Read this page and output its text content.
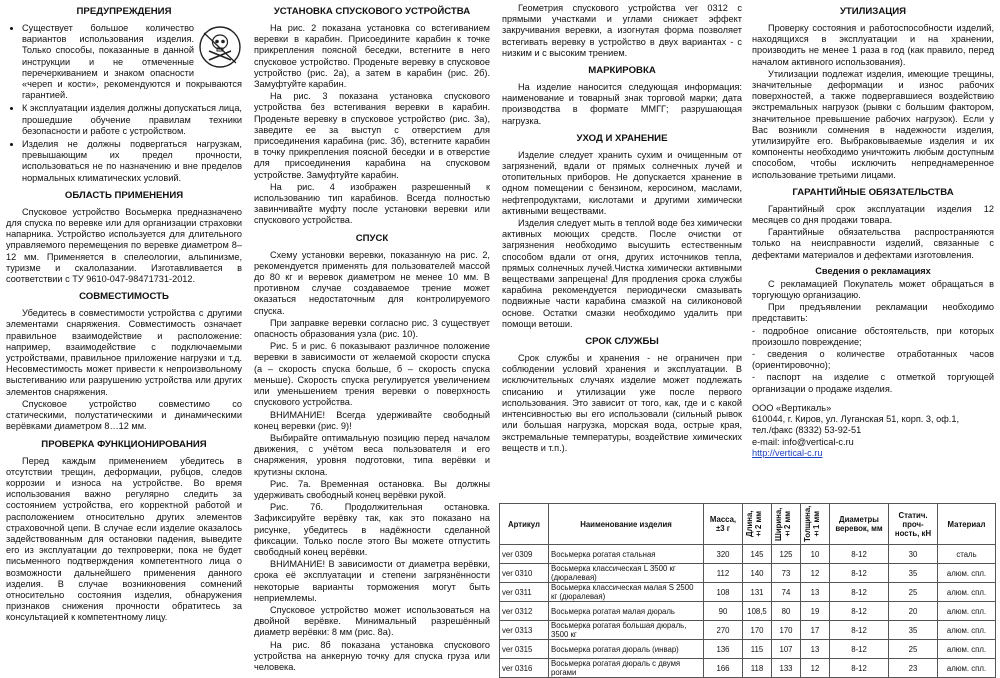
ПРЕДУПРЕЖДЕНИЯ
• Существует большое количество вариантов использования изделия. Только способы, показанные в данной инструкции и не отмеченные перечеркиванием и знаком опасности «череп и кости», рекомендуются и покрываются гарантией.
• К эксплуатации изделия должны допускаться лица, прошедшие обучение правилам техники безопасности и работе с устройством.
• Изделия не должны подвергаться нагрузкам, превышающим их предел прочности, использоваться не по назначению и вне пределов нормальных климатических условий.
ОБЛАСТЬ ПРИМЕНЕНИЯ

Спусковое устройство Восьмерка предназначено для спуска по веревке или для организации страховки напарника. Устройство используется для длительного управляемого перемещения по веревке диаметром 8–12 мм. Применяется в спелеологии, альпинизме, туризме и скалолазании. Изготавливается в соответствии с ТУ 9610-047-98471731-2012.

СОВМЕСТИМОСТЬ

Убедитесь в совместимости устройства с другими элементами снаряжения. Совместимость означает правильное взаимодействие и расположение: например, взаимодействие с подключаемыми устройствами, правильное приложение нагрузки и т.д. Несовместимость может привести к непроизвольному выстегиванию или разрушению устройства или других элементов снаряжения.

Спусковое устройство совместимо со статическими, полустатическими и динамическими верёвками диаметром 8…12 мм.

ПРОВЕРКА ФУНКЦИОНИРОВАНИЯ

Перед каждым применением убедитесь в отсутствии трещин, деформации, рубцов, следов коррозии и износа на устройстве. Во время использования важно регулярно следить за состоянием устройства, его корректной работой и расположением относительно других элементов страховочной цепи. В случае если изделие оказалось задействованным для остановки падения, выведите его из эксплуатации до техпроверки, пока не будет письменного подтверждения компетентного лица о возможности дальнейшего применения данного изделия. В случае возникновения сомнений относительно состояния изделия, обнаружения признаков снижения прочности обратитесь за консультацией к компетентному лицу.

УСТАНОВКА СПУСКОВОГО УСТРОЙСТВА

На рис. 2 показана установка со встегиванием веревки в карабин. Присоедините карабин к точке прикрепления поясной беседки, встегните в него спусковое устройство. Проденьте веревку в спусковое устройство (рис. 2а), а затем в карабин (рис. 2б). Замуфтуйте карабин.

На рис. 3 показана установка спускового устройства без встегивания веревки в карабин. Проденьте веревку в спусковое устройство (рис. 3а), заведите ее за выступ с отверстием для присоединения карабина (рис. 3б), встегните карабин в точку прикрепления поясной беседки и в отверстие для присоединения карабина на спусковом устройстве. Замуфтуйте карабин.

На рис. 4 изображен разрешенный к использованию тип карабинов. Всегда полностью завинчивайте муфту после установки веревки или спускового устройства.

СПУСК

Схему установки веревки, показанную на рис. 2, рекомендуется применять для пользователей массой до 80 кг и веревок диаметром не менее 10 мм. В противном случае создаваемое трение может оказаться недостаточным для контролируемого спуска.

При заправке веревки согласно рис. 3 существует опасность образования узла (рис. 10).

Рис. 5 и рис. 6 показывают различное положение веревки в зависимости от желаемой скорости спуска (а – скорость спуска больше, б – скорость спуска меньше). Скорость спуска регулируется увеличением или уменьшением трения веревки о поверхность спускового устройства.

ВНИМАНИЕ! Всегда удерживайте свободный конец веревки (рис. 9)!

Выбирайте оптимальную позицию перед началом движения, с учётом веса пользователя и его снаряжения, уровня подготовки, типа верёвки и крутизны склона.

Рис. 7а. Временная остановка. Вы должны удерживать свободный конец верёвки рукой.

Рис. 7б. Продолжительная остановка. Зафиксируйте верёвку так, как это показано на рисунке, убедитесь в надёжности сделанной фиксации. Только после этого Вы можете отпустить свободный конец верёвки.

ВНИМАНИЕ! В зависимости от диаметра верёвки, срока её эксплуатации и степени загрязнённости некоторые варианты торможения могут быть неприемлемы.

Спусковое устройство может использоваться на двойной верёвке. Минимальный разрешённый диаметр верёвки: 8 мм (рис. 8а).

На рис. 8б показана установка спускового устройства на анкерную точку для спуска груза или человека.

Геометрия спускового устройства ver 0312 с прямыми участками и углами снижает эффект закручивания веревки, а изогнутая форма позволяет встегивать веревку в устройство в двух вариантах - с низким и с высоким трением.

МАРКИРОВКА

На изделие наносится следующая информация: наименование и товарный знак торговой марки; дата производства в формате ММГГ; разрушающая нагрузка.

УХОД И ХРАНЕНИЕ

Изделие следует хранить сухим и очищенным от загрязнений, вдали от прямых солнечных лучей и отопительных приборов. Не допускается хранение в одном помещении с бензином, керосином, маслами, нефтепродуктами, кислотами и другими химически активными веществами.

Изделия следует мыть в теплой воде без химически активных моющих средств. После очистки от загрязнения необходимо высушить естественным способом вдали от огня, других источников тепла, прямых солнечных лучей.Чистка химически активными веществами запрещена! Для продления срока службы карабина рекомендуется периодически смазывать подвижные части карабина смазкой на силиконовой основе. Остатки смазки необходимо удалить при помощи ветоши.

СРОК СЛУЖБЫ

Срок службы и хранения - не ограничен при соблюдении условий хранения и эксплуатации. В исключительных случаях изделие может подлежать списанию и утилизации уже после первого использования. Это зависит от того, как, где и с какой интенсивностью вы его использовали (сильный рывок или большая нагрузка, морская вода, острые края, экстремальные температуры, воздействие химических веществ и т.п.).

УТИЛИЗАЦИЯ

Проверку состояния и работоспособности изделий, находящихся в эксплуатации и на хранении, производить не менее 1 раза в год (как правило, перед началом активного использования).

Утилизации подлежат изделия, имеющие трещины, значительные деформации и износ рабочих поверхностей, а также подвергавшиеся воздействию экстремальных нагрузок (рывки с большим фактором, значительное превышение рабочих нагрузок). Если у Вас возникли сомнения в надежности изделия, утилизируйте его. Выбраковываемые изделия и их компоненты необходимо уничтожить любым доступным способом, чтобы исключить непреднамеренное использование третьими лицами.

ГАРАНТИЙНЫЕ ОБЯЗАТЕЛЬСТВА

Гарантийный срок эксплуатации изделия 12 месяцев со дня продажи товара.

Гарантийные обязательства распространяются только на неисправности изделий, связанные с дефектами материалов и дефектами изготовления.

Сведения о рекламациях

С рекламацией Покупатель может обращаться в торгующую организацию.

При предъявлении рекламации необходимо представить:

- подробное описание обстоятельств, при которых произошло повреждение;

- сведения о количестве отработанных часов (ориентировочно);

- паспорт на изделие с отметкой торгующей организации о продаже изделия.

ООО «Вертикаль»
610044, г. Киров, ул. Луганская 51, корп. 3, оф.1,
тел./факс (8332) 53-92-51
e-mail: info@vertical-c.ru
http://vertical-c.ru
Артикул	Наименование изделия	Масса, ±3 г	Длина, ±2 мм	Ширина, ±2 мм	Толщина, ±1 мм	Диаметры веревок, мм	Статич. проч-ность, кН	Материал
ver 0309	Восьмерка рогатая стальная	320	145	125	10	8-12	30	сталь
ver 0310	Восьмерка классическая L 3500 кг (дюралевая)	112	140	73	12	8-12	35	алюм. спл.
ver 0311	Восьмерка классическая малая S 2500 кг (дюралевая)	108	131	74	13	8-12	25	алюм. спл.
ver 0312	Восьмерка рогатая малая дюраль	90	108,5	80	19	8-12	20	алюм. спл.
ver 0313	Восьмерка рогатая большая дюраль, 3500 кг	270	170	170	17	8-12	35	алюм. спл.
ver 0315	Восьмерка рогатая дюраль (инвар)	136	115	107	13	8-12	25	алюм. спл.
ver 0316	Восьмерка рогатая дюраль с двумя рогами	166	118	133	12	8-12	23	алюм. спл.
